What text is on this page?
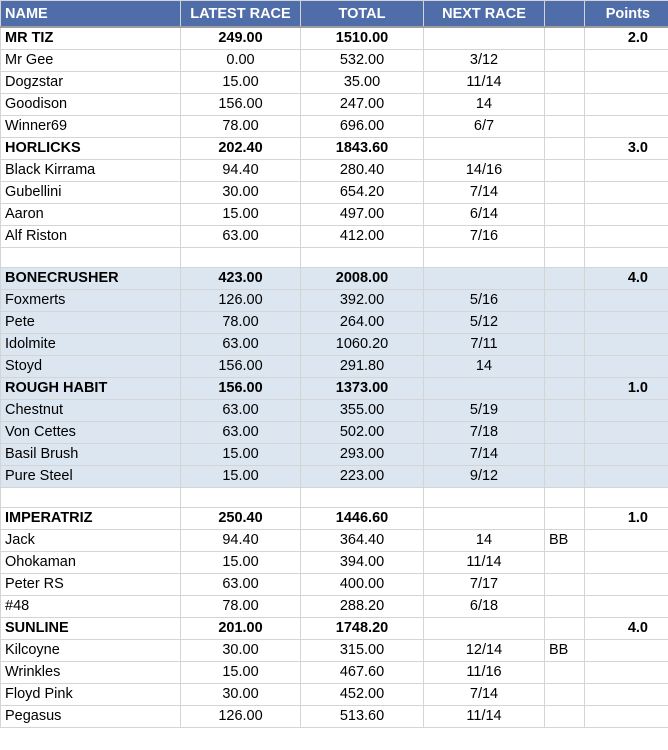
NAME	LATEST RACE	TOTAL	NEXT RACE		Points
MR TIZ	249.00	1510.00			2.0
Mr Gee	0.00	532.00	3/12		
Dogzstar	15.00	35.00	11/14		
Goodison	156.00	247.00	14		
Winner69	78.00	696.00	6/7		
HORLICKS	202.40	1843.60			3.0
Black Kirrama	94.40	280.40	14/16		
Gubellini	30.00	654.20	7/14		
Aaron	15.00	497.00	6/14		
Alf Riston	63.00	412.00	7/16		

BONECRUSHER	423.00	2008.00			4.0
Foxmerts	126.00	392.00	5/16		
Pete	78.00	264.00	5/12		
Idolmite	63.00	1060.20	7/11		
Stoyd	156.00	291.80	14		
ROUGH HABIT	156.00	1373.00			1.0
Chestnut	63.00	355.00	5/19		
Von Cettes	63.00	502.00	7/18		
Basil Brush	15.00	293.00	7/14		
Pure Steel	15.00	223.00	9/12		

IMPERATRIZ	250.40	1446.60			1.0
Jack	94.40	364.40	14	BB	
Ohokaman	15.00	394.00	11/14		
Peter RS	63.00	400.00	7/17		
#48	78.00	288.20	6/18		
SUNLINE	201.00	1748.20			4.0
Kilcoyne	30.00	315.00	12/14	BB	
Wrinkles	15.00	467.60	11/16		
Floyd Pink	30.00	452.00	7/14		
Pegasus	126.00	513.60	11/14		
